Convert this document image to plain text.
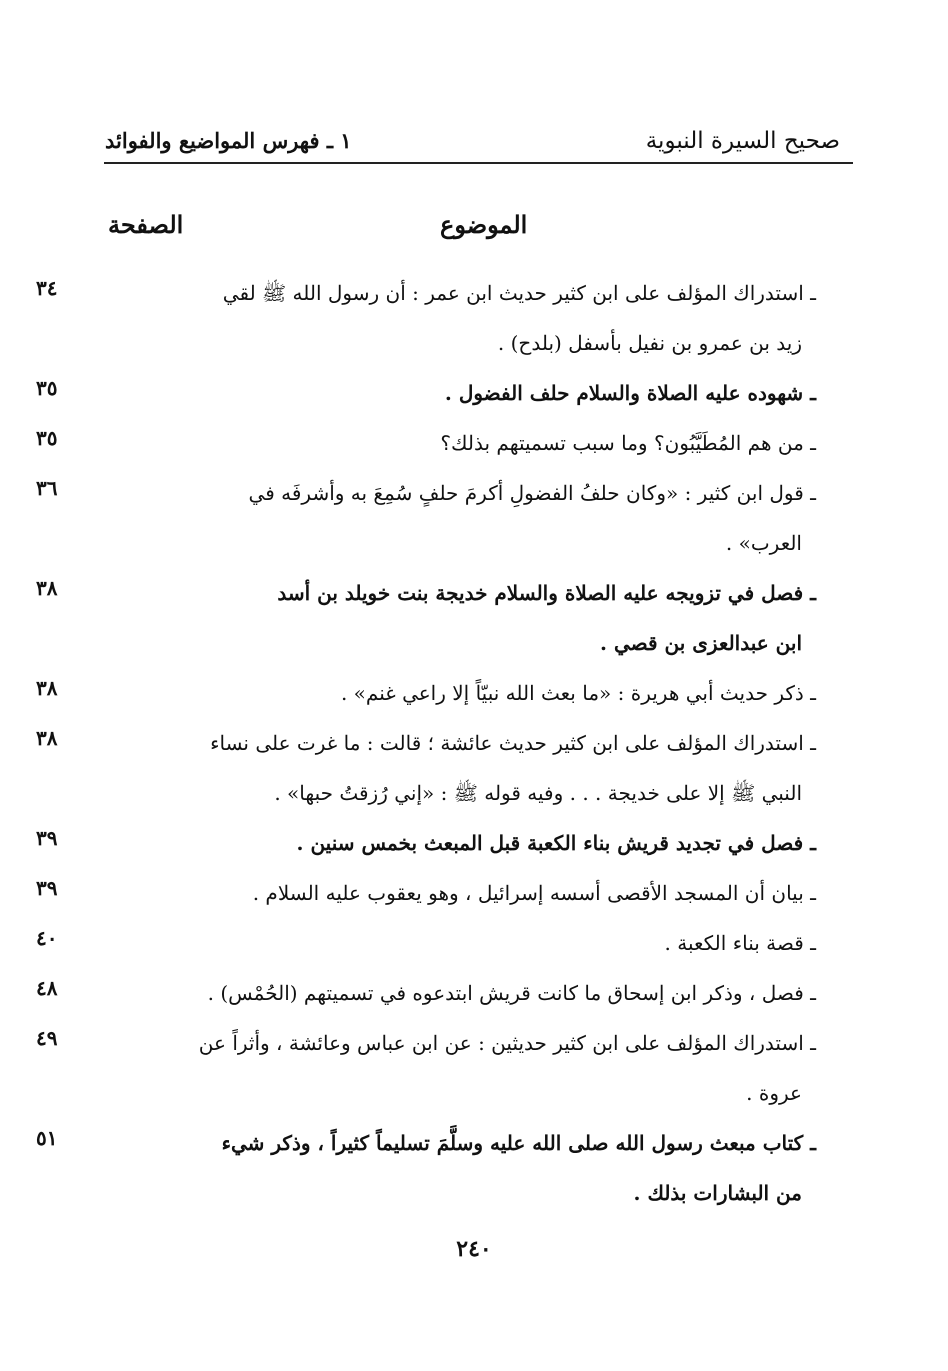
صحيح السيرة النبوية
١ ـ فهرس المواضيع والفوائد
الموضوع
الصفحة
ـ استدراك المؤلف على ابن كثير حديث ابن عمر : أن رسول الله ﷺ لقي
زيد بن عمرو بن نفيل بأسفل (بلدح) .
٣٤
ـ شهوده عليه الصلاة والسلام حلف الفضول .
٣٥
ـ من هم المُطَيَّبُون؟ وما سبب تسميتهم بذلك؟
٣٥
ـ قول ابن كثير : «وكان حلفُ الفضولِ أكرمَ حلفٍ سُمِعَ به وأشرفَه في
العرب» .
٣٦
ـ فصل في تزويجه عليه الصلاة والسلام خديجة بنت خويلد بن أسد
ابن عبدالعزى بن قصي .
٣٨
ـ ذكر حديث أبي هريرة : «ما بعث الله نبيّاً إلا راعي غنم» .
٣٨
ـ استدراك المؤلف على ابن كثير حديث عائشة ؛ قالت : ما غرت على نساء
النبي ﷺ إلا على خديجة . . . وفيه قوله ﷺ : «إني رُزقتُ حبها» .
٣٨
ـ فصل في تجديد قريش بناء الكعبة قبل المبعث بخمس سنين .
٣٩
ـ بيان أن المسجد الأقصى أسسه إسرائيل ، وهو يعقوب عليه السلام .
٣٩
ـ قصة بناء الكعبة .
٤٠
ـ فصل ، وذكر ابن إسحاق ما كانت قريش ابتدعوه في تسميتهم (الحُمْس) .
٤٨
ـ استدراك المؤلف على ابن كثير حديثين : عن ابن عباس وعائشة ، وأثراً عن
عروة .
٤٩
ـ كتاب مبعث رسول الله صلى الله عليه وسلَّمَ تسليماً كثيراً ، وذكر شيء
من البشارات بذلك .
٥١
٢٤٠
